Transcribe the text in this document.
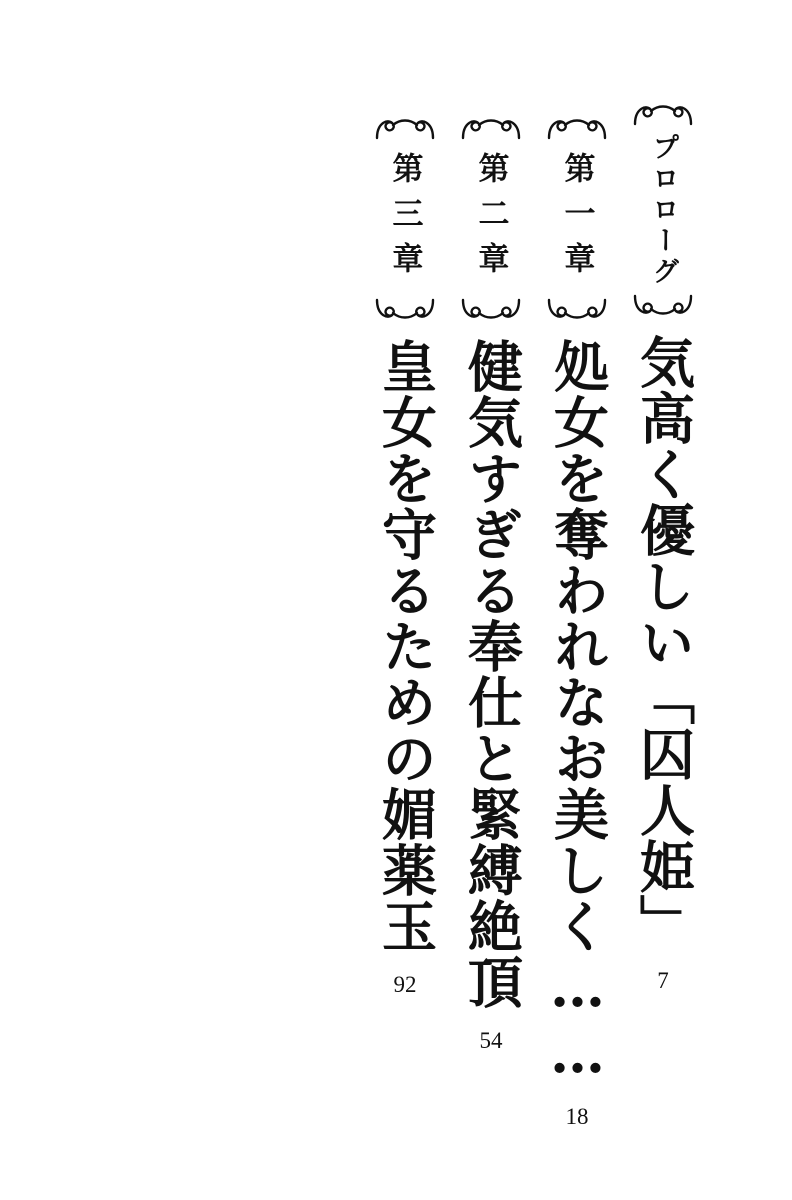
プロローグ
気高く優しい「囚人姫」
7
第一章
処女を奪われなお美しく……
18
第二章
健気すぎる奉仕と緊縛絶頂
54
第三章
皇女を守るための媚薬玉
92
